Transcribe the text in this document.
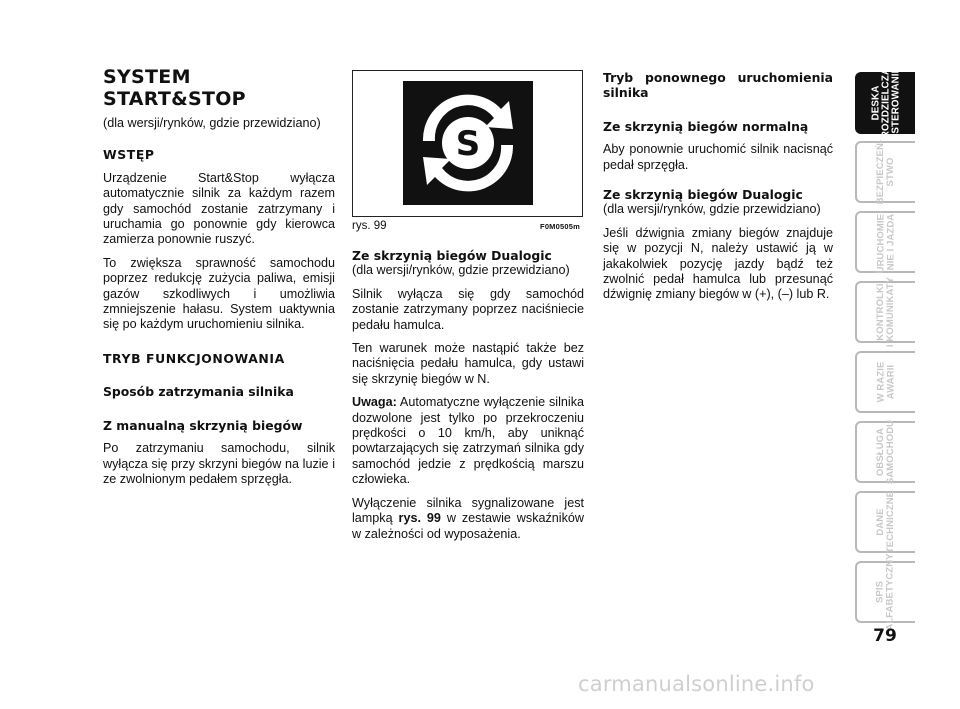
SYSTEM START&STOP

(dla wersji/rynków, gdzie przewidziano)

WSTĘP

Urządzenie Start&Stop wyłącza automatycznie silnik za każdym razem gdy samochód zostanie zatrzymany i uruchamia go ponownie gdy kierowca zamierza ponownie ruszyć.

To zwiększa sprawność samochodu poprzez redukcję zużycia paliwa, emisji gazów szkodliwych i umożliwia zmniejszenie hałasu. System uaktywnia się po każdym uruchomieniu silnika.

TRYB FUNKCJONOWANIA

Sposób zatrzymania silnika

Z manualną skrzynią biegów

Po zatrzymaniu samochodu, silnik wyłącza się przy skrzyni biegów na luzie i ze zwolnionym pedałem sprzęgła.

S
rys. 99	F0M0505m

Ze skrzynią biegów Dualogic

(dla wersji/rynków, gdzie przewidziano)

Silnik wyłącza się gdy samochód zostanie zatrzymany poprzez naciśniecie pedału hamulca.

Ten warunek może nastąpić także bez naciśnięcia pedału hamulca, gdy ustawi się skrzynię biegów w N.

Uwaga: Automatyczne wyłączenie silnika dozwolone jest tylko po przekroczeniu prędkości o 10 km/h, aby uniknąć powtarzających się zatrzymań silnika gdy samochód jedzie z prędkością marszu człowieka.

Wyłączenie silnika sygnalizowane jest lampką rys. 99 w zestawie wskaźników w zależności od wyposażenia.

Tryb ponownego uruchomienia silnika

Ze skrzynią biegów normalną

Aby ponownie uruchomić silnik nacisnąć pedał sprzęgła.

Ze skrzynią biegów Dualogic

(dla wersji/rynków, gdzie przewidziano)

Jeśli dźwignia zmiany biegów znajduje się w pozycji N, należy ustawić ją w jakakolwiek pozycję jazdy bądź też zwolnić pedał hamulca lub przesunąć dźwignię zmiany biegów w (+), (–) lub R.

DESKA
ROZDZIELCZA
I STEROWANIE
BEZPIECZEŃ-
STWO
URUCHOMIE-
NIE I JAZDA
KONTROLKI
I KOMUNIKATY
W RAZIE
AWARII
OBSŁUGA
SAMOCHODU
DANE
TECHNICZNE
SPIS
ALFABETYCZNY
79
carmanualsonline.info
